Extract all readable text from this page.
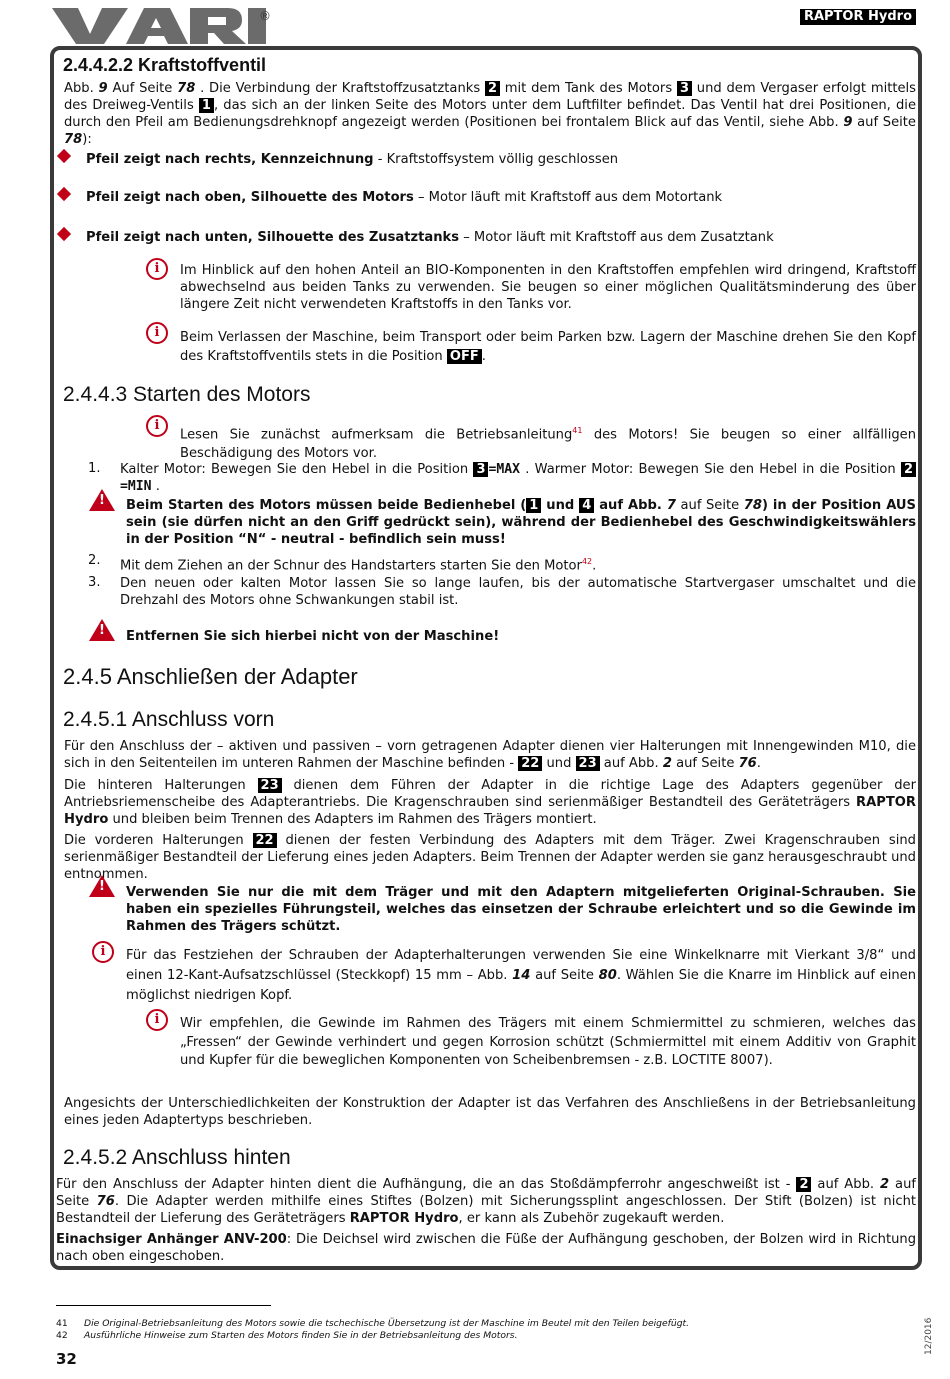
®	RAPTOR Hydro
2.4.4.2.2 Kraftstoffventil
Abb. 9 Auf Seite 78 . Die Verbindung der Kraftstoffzusatztanks 2 mit dem Tank des Motors 3 und dem Vergaser erfolgt mittels des Dreiweg-Ventils 1 , das sich an der linken Seite des Motors unter dem Luftfilter befindet. Das Ventil hat drei Positionen, die durch den Pfeil am Bedienungsdrehknopf angezeigt werden (Positionen bei frontalem Blick auf das Ventil, siehe Abb. 9 auf Seite 78):
Pfeil zeigt nach rechts, Kennzeichnung - Kraftstoffsystem völlig geschlossen
Pfeil zeigt nach oben, Silhouette des Motors – Motor läuft mit Kraftstoff aus dem Motortank
Pfeil zeigt nach unten, Silhouette des Zusatztanks – Motor läuft mit Kraftstoff aus dem Zusatztank
i	Im Hinblick auf den hohen Anteil an BIO-Komponenten in den Kraftstoffen empfehlen wird dringend, Kraftstoff abwechselnd aus beiden Tanks zu verwenden. Sie beugen so einer möglichen Qualitätsminderung des über längere Zeit nicht verwendeten Kraftstoffs in den Tanks vor.
i	Beim Verlassen der Maschine, beim Transport oder beim Parken bzw. Lagern der Maschine drehen Sie den Kopf des Kraftstoffventils stets in die Position OFF .
2.4.4.3 Starten des Motors
i
Lesen Sie zunächst aufmerksam die Betriebsanleitung$^{41}$ des Motors! Sie beugen so einer allfälligen Beschädigung des Motors vor.
1. Kalter Motor: Bewegen Sie den Hebel in die Position 3 =MAX . Warmer Motor: Bewegen Sie den Hebel in die Position 2=MIN .
! Beim Starten des Motors müssen beide Bedienhebel ( 1 und 4 auf Abb. 7 auf Seite 78) in der Position AUS sein (sie dürfen nicht an den Griff gedrückt sein), während der Bedienhebel des Geschwindigkeitswählers in der Position “N“ - neutral - befindlich sein muss!
2. Mit dem Ziehen an der Schnur des Handstarters starten Sie den Motor$^{42}$.
3. Den neuen oder kalten Motor lassen Sie so lange laufen, bis der automatische Startvergaser umschaltet und die Drehzahl des Motors ohne Schwankungen stabil ist.
! Entfernen Sie sich hierbei nicht von der Maschine!
2.4.5 Anschließen der Adapter
2.4.5.1 Anschluss vorn
Für den Anschluss der – aktiven und passiven – vorn getragenen Adapter dienen vier Halterungen mit Innengewinden M10, die sich in den Seitenteilen im unteren Rahmen der Maschine befinden - 22 und 23 auf Abb. 2 auf Seite 76.
Die hinteren Halterungen 23 dienen dem Führen der Adapter in die richtige Lage des Adapters gegenüber der Antriebsriemenscheibe des Adapterantriebs. Die Kragenschrauben sind serienmäßiger Bestandteil des Geräteträgers RAPTOR Hydro und bleiben beim Trennen des Adapters im Rahmen des Trägers montiert.
Die vorderen Halterungen 22 dienen der festen Verbindung des Adapters mit dem Träger. Zwei Kragenschrauben sind serienmäßiger Bestandteil der Lieferung eines jeden Adapters. Beim Trennen der Adapter werden sie ganz herausgeschraubt und entnommen.
! Verwenden Sie nur die mit dem Träger und mit den Adaptern mitgelieferten Original-Schrauben. Sie haben ein spezielles Führungsteil, welches das einsetzen der Schraube erleichtert und so die Gewinde im Rahmen des Trägers schützt.
i	Für das Festziehen der Schrauben der Adapterhalterungen verwenden Sie eine Winkelknarre mit Vierkant 3/8“ und einen 12-Kant-Aufsatzschlüssel (Steckkopf) 15 mm – Abb. 14 auf Seite 80. Wählen Sie die Knarre im Hinblick auf einen möglichst niedrigen Kopf.
i	Wir empfehlen, die Gewinde im Rahmen des Trägers mit einem Schmiermittel zu schmieren, welches das „Fressen“ der Gewinde verhindert und gegen Korrosion schützt (Schmiermittel mit einem Additiv von Graphit und Kupfer für die beweglichen Komponenten von Scheibenbremsen - z.B. LOCTITE 8007).
Angesichts der Unterschiedlichkeiten der Konstruktion der Adapter ist das Verfahren des Anschließens in der Betriebsanleitung eines jeden Adaptertyps beschrieben.
2.4.5.2 Anschluss hinten
Für den Anschluss der Adapter hinten dient die Aufhängung, die an das Stoßdämpferrohr angeschweißt ist - 2 auf Abb. 2 auf Seite 76. Die Adapter werden mithilfe eines Stiftes (Bolzen) mit Sicherungssplint angeschlossen. Der Stift (Bolzen) ist nicht Bestandteil der Lieferung des Geräteträgers RAPTOR Hydro, er kann als Zubehör zugekauft werden.
Einachsiger Anhänger ANV-200: Die Deichsel wird zwischen die Füße der Aufhängung geschoben, der Bolzen wird in Richtung nach oben eingeschoben.
41 Die Original-Betriebsanleitung des Motors sowie die tschechische Übersetzung ist der Maschine im Beutel mit den Teilen beigefügt.
42 Ausführliche Hinweise zum Starten des Motors finden Sie in der Betriebsanleitung des Motors.
32
12/2016
